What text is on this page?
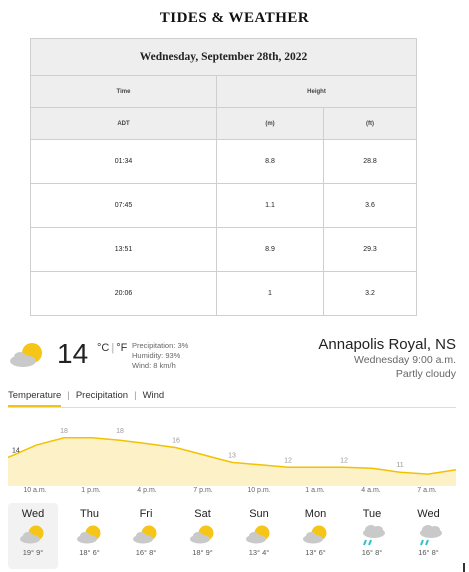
TIDES & WEATHER
Wednesday, September 28th, 2022		
Time	Height	
ADT	(m)	(ft)
01:34	8.8	28.8
07:45	1.1	3.6
13:51	8.9	29.3
20:06	1	3.2
14 °C | °F Precipitation: 3%
Humidity: 93%
Wind: 8 km/h
Annapolis Royal, NS
Wednesday 9:00 a.m.
Partly cloudy
Temperature | Precipitation | Wind
14
18	18
16
13
12	12
11
10 a.m.	1 p.m.	4 p.m.	7 p.m.	10 p.m.	1 a.m.	4 a.m.	7 a.m.
Wed
19° 9°
Thu
18° 6°
Fri
16° 8°
Sat
18° 9°
Sun
13° 4°
Mon
13° 6°
Tue
16° 8°
Wed
16° 8°
